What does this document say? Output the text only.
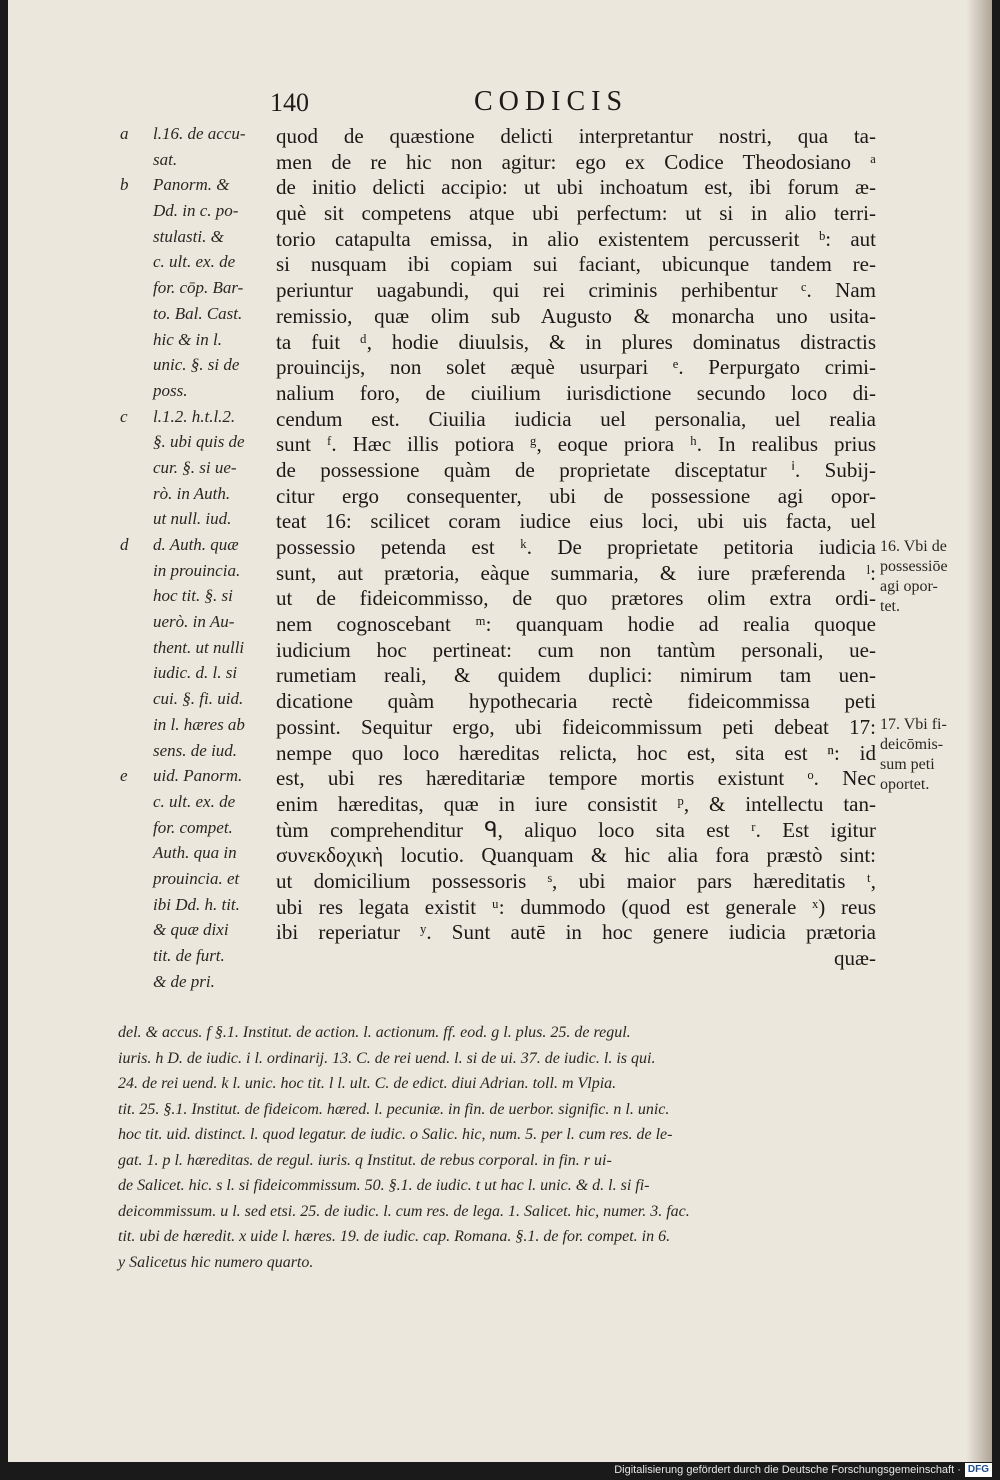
140	CODICIS
a l.16. de accu-
sat.
b Panorm. &
Dd. in c. po-
stulasti. &
c. ult. ex. de
for. cōp. Bar-
to. Bal. Cast.
hic & in l.
unic. §. si de
poss.
c l.1.2. h.t.l.2.
§. ubi quis de
cur. §. si ue-
rò. in Auth.
ut null. iud.
d d. Auth. quæ
in prouincia.
hoc tit. §. si
uerò. in Au-
thent. ut nulli
iudic. d. l. si
cui. §. fi. uid.
in l. hæres ab
sens. de iud.
e uid. Panorm.
c. ult. ex. de
for. compet.
Auth. qua in
prouincia. et
ibi Dd. h. tit.
& quæ dixi
tit. de furt.
& de pri.
quod de quæstione delicti interpretantur nostri, qua ta-
men de re hic non agitur: ego ex Codice Theodosiano ᵃ
de initio delicti accipio: ut ubi inchoatum est, ibi forum æ-
què sit competens atque ubi perfectum: ut si in alio terri-
torio catapulta emissa, in alio existentem percusserit ᵇ: aut
si nusquam ibi copiam sui faciant, ubicunque tandem re-
periuntur uagabundi, qui rei criminis perhibentur ᶜ. Nam
remissio, quæ olim sub Augusto & monarcha uno usita-
ta fuit ᵈ, hodie diuulsis, & in plures dominatus distractis
prouincijs, non solet æquè usurpari ᵉ. Perpurgato crimi-
nalium foro, de ciuilium iurisdictione secundo loco di-
cendum est. Ciuilia iudicia uel personalia, uel realia
sunt ᶠ. Hæc illis potiora ᵍ, eoque priora ʰ. In realibus prius
de possessione quàm de proprietate disceptatur ⁱ. Subij-
citur ergo consequenter, ubi de possessione agi opor-
teat 16: scilicet coram iudice eius loci, ubi uis facta, uel
possessio petenda est ᵏ. De proprietate petitoria iudicia
sunt, aut prætoria, eàque summaria, & iure præferenda ˡ:
ut de fideicommisso, de quo prætores olim extra ordi-
nem cognoscebant ᵐ: quanquam hodie ad realia quoque
iudicium hoc pertineat: cum non tantùm personali, ue-
rumetiam reali, & quidem duplici: nimirum tam uen-
dicatione quàm hypothecaria rectè fideicommissa peti
possint. Sequitur ergo, ubi fideicommissum peti debeat 17:
nempe quo loco hæreditas relicta, hoc est, sita est ⁿ: id
est, ubi res hæreditariæ tempore mortis existunt ᵒ. Nec
enim hæreditas, quæ in iure consistit ᵖ, & intellectu tan-
tùm comprehenditur ᑫ, aliquo loco sita est ʳ. Est igitur
συνεκδοχικὴ locutio. Quanquam & hic alia fora præstò sint:
ut domicilium possessoris ˢ, ubi maior pars hæreditatis ᵗ,
ubi res legata existit ᵘ: dummodo (quod est generale ˣ) reus
ibi reperiatur ʸ. Sunt autē in hoc genere iudicia prætoria
quæ-
16. Vbi de
possessiōe
agi opor-
tet.
17. Vbi fi-
deicōmis-
sum peti
oportet.
del. & accus. f §.1. Institut. de action. l. actionum. ff. eod. g l. plus. 25. de regul.
iuris. h D. de iudic. i l. ordinarij. 13. C. de rei uend. l. si de ui. 37. de iudic. l. is qui.
24. de rei uend. k l. unic. hoc tit. l l. ult. C. de edict. diui Adrian. toll. m Vlpia.
tit. 25. §.1. Institut. de fideicom. hæred. l. pecuniæ. in fin. de uerbor. signific. n l. unic.
hoc tit. uid. distinct. l. quod legatur. de iudic. o Salic. hic, num. 5. per l. cum res. de le-
gat. 1. p l. hæreditas. de regul. iuris. q Institut. de rebus corporal. in fin. r ui-
de Salicet. hic. s l. si fideicommissum. 50. §.1. de iudic. t ut hac l. unic. & d. l. si fi-
deicommissum. u l. sed etsi. 25. de iudic. l. cum res. de lega. 1. Salicet. hic, numer. 3. fac.
tit. ubi de hæredit. x uide l. hæres. 19. de iudic. cap. Romana. §.1. de for. compet. in 6.
y Salicetus hic numero quarto.
Digitalisierung gefördert durch die Deutsche Forschungsgemeinschaft · DFG
